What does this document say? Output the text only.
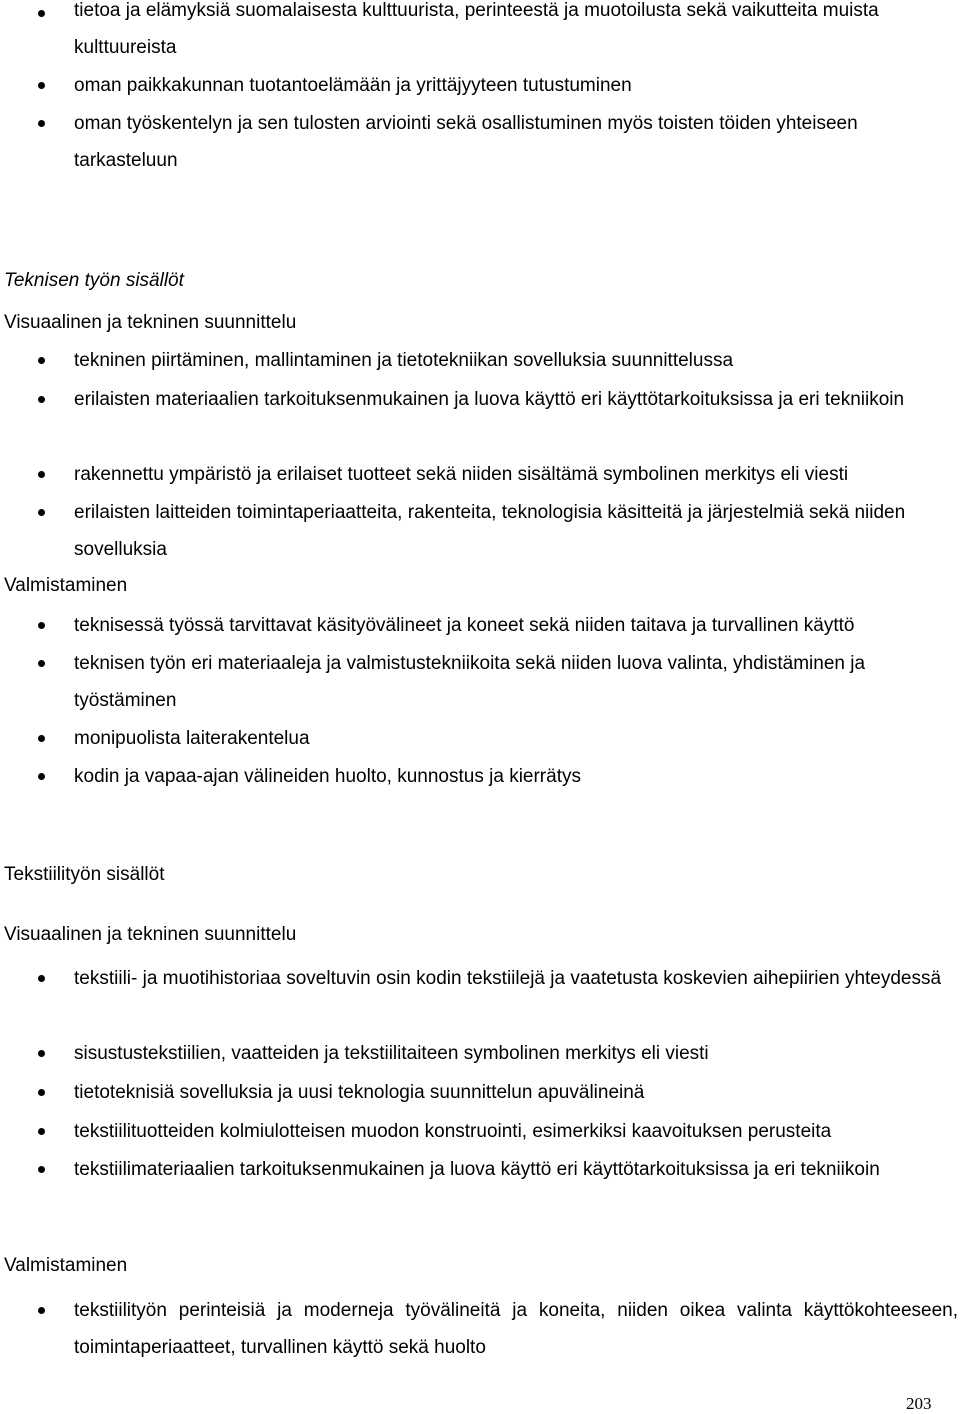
tietoa ja elämyksiä suomalaisesta kulttuurista, perinteestä ja muotoilusta sekä vaikutteita muista kulttuureista
oman paikkakunnan tuotantoelämään ja yrittäjyyteen tutustuminen
oman työskentelyn ja sen tulosten arviointi sekä osallistuminen myös toisten töiden yhteiseen tarkasteluun
Teknisen työn sisällöt
Visuaalinen ja tekninen suunnittelu
tekninen piirtäminen, mallintaminen ja tietotekniikan sovelluksia suunnittelussa
erilaisten materiaalien tarkoituksenmukainen ja luova käyttö eri käyttötarkoituksissa ja eri tekniikoin
rakennettu ympäristö ja erilaiset tuotteet sekä niiden sisältämä symbolinen merkitys eli viesti
erilaisten laitteiden toimintaperiaatteita, rakenteita, teknologisia käsitteitä ja järjestelmiä sekä niiden sovelluksia
Valmistaminen
teknisessä työssä tarvittavat käsityövälineet ja koneet sekä niiden taitava ja turvallinen käyttö
teknisen työn eri materiaaleja ja valmistustekniikoita sekä niiden luova valinta, yhdistäminen ja työstäminen
monipuolista laiterakentelua
kodin ja vapaa-ajan välineiden huolto, kunnostus ja kierrätys
Tekstiilityön sisällöt
Visuaalinen ja tekninen suunnittelu
tekstiili- ja muotihistoriaa soveltuvin osin kodin tekstiilejä ja vaatetusta koskevien aihepiirien yhteydessä
sisustustekstiilien, vaatteiden ja tekstiilitaiteen symbolinen merkitys eli viesti
tietoteknisiä sovelluksia ja uusi teknologia suunnittelun apuvälineinä
tekstiilituotteiden kolmiulotteisen muodon konstruointi, esimerkiksi kaavoituksen perusteita
tekstiilimateriaalien tarkoituksenmukainen ja luova käyttö eri käyttötarkoituksissa ja eri tekniikoin
Valmistaminen
tekstiilityön perinteisiä ja moderneja työvälineitä ja koneita, niiden oikea valinta käyttökohteeseen, toimintaperiaatteet, turvallinen käyttö sekä huolto
203
